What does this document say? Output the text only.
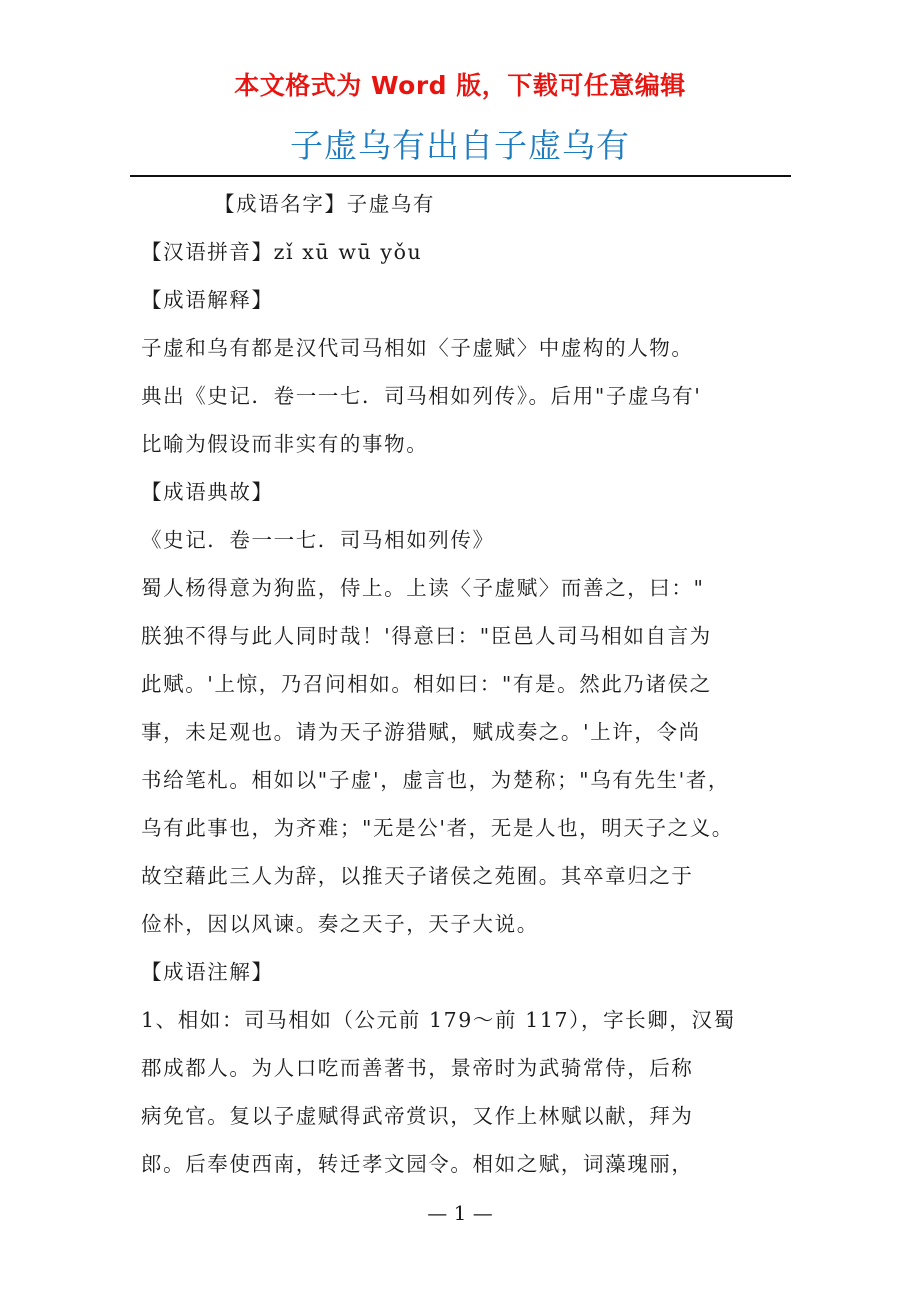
本文格式为 Word 版，下载可任意编辑
子虚乌有出自子虚乌有
【成语名字】子虚乌有
【汉语拼音】zǐ xū wū yǒu
【成语解释】
子虚和乌有都是汉代司马相如〈子虚赋〉中虚构的人物。
典出《史记．卷一一七．司马相如列传》。后用"子虚乌有'
比喻为假设而非实有的事物。
【成语典故】
《史记．卷一一七．司马相如列传》
蜀人杨得意为狗监，侍上。上读〈子虚赋〉而善之，曰："
朕独不得与此人同时哉！'得意曰："臣邑人司马相如自言为
此赋。'上惊，乃召问相如。相如曰："有是。然此乃诸侯之
事，未足观也。请为天子游猎赋，赋成奏之。'上许，令尚
书给笔札。相如以"子虚'，虚言也，为楚称；"乌有先生'者，
乌有此事也，为齐难；"无是公'者，无是人也，明天子之义。
故空藉此三人为辞，以推天子诸侯之苑囿。其卒章归之于
俭朴，因以风谏。奏之天子，天子大说。
【成语注解】
1、相如：司马相如（公元前 179～前 117），字长卿，汉蜀
郡成都人。为人口吃而善著书，景帝时为武骑常侍，后称
病免官。复以子虚赋得武帝赏识，又作上林赋以献，拜为
郎。后奉使西南，转迁孝文园令。相如之赋，词藻瑰丽，
— 1 —
